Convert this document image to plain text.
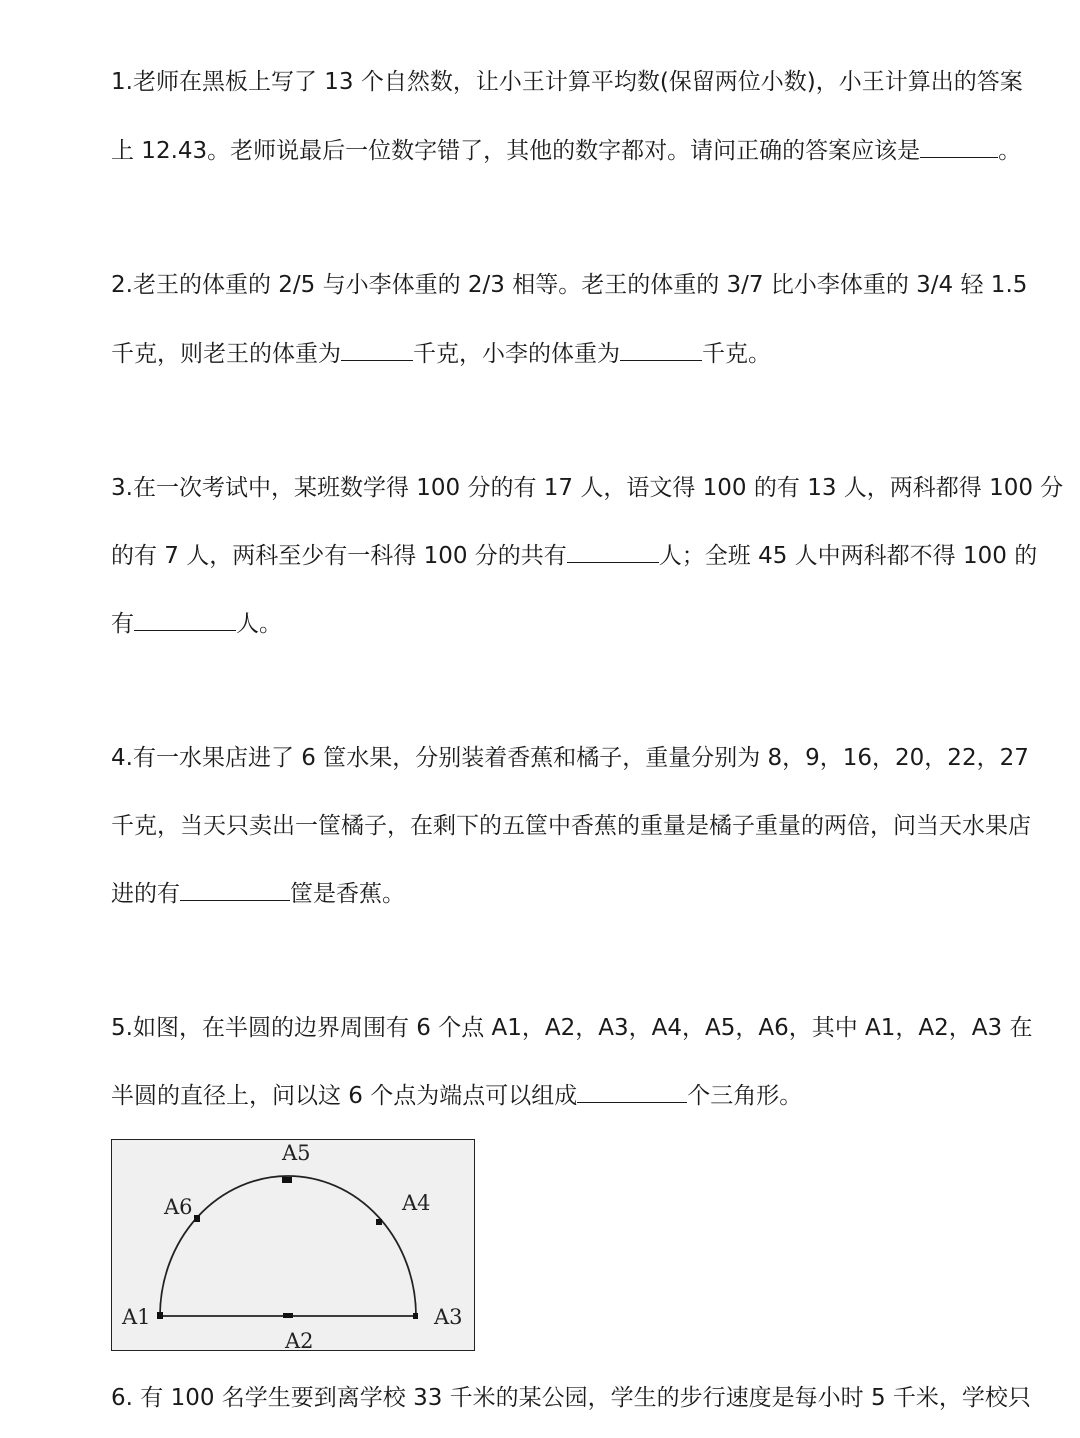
1.老师在黑板上写了 13 个自然数，让小王计算平均数(保留两位小数)，小王计算出的答案
上 12.43。老师说最后一位数字错了，其他的数字都对。请问正确的答案应该是	。
2.老王的体重的 2/5 与小李体重的 2/3 相等。老王的体重的 3/7 比小李体重的 3/4 轻 1.5
千克，则老王的体重为	千克，小李的体重为	千克。
3.在一次考试中，某班数学得 100 分的有 17 人，语文得 100 的有 13 人，两科都得 100 分
的有 7 人，两科至少有一科得 100 分的共有	人；全班 45 人中两科都不得 100 的
有	人。
4.有一水果店进了 6 筐水果，分别装着香蕉和橘子，重量分别为 8，9，16，20，22，27
千克，当天只卖出一筐橘子，在剩下的五筐中香蕉的重量是橘子重量的两倍，问当天水果店
进的有	筐是香蕉。
5.如图，在半圆的边界周围有 6 个点 A1，A2，A3，A4，A5，A6，其中 A1，A2，A3 在
半圆的直径上，问以这 6 个点为端点可以组成	个三角形。
A1
A2
A3
A4
A5
A6
6. 有 100 名学生要到离学校 33 千米的某公园，学生的步行速度是每小时 5 千米，学校只
